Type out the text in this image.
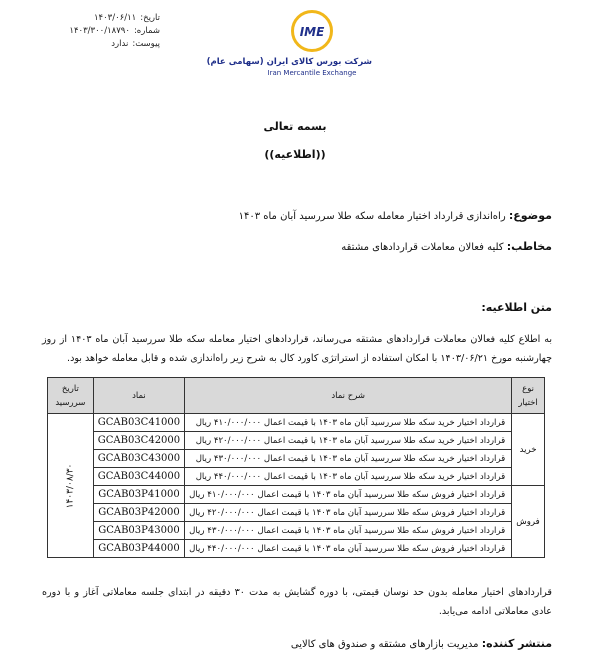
تاریخ:
۱۴۰۳/۰۶/۱۱
شماره:
۱۴۰۳/۳۰۰/۱۸۷۹۰
پیوست:
ندارد
IME
شرکت بورس کالای ایران (سهامی عام)
Iran Mercantile Exchange
بسمه تعالی
((اطلاعیه))
موضوع: راه‌اندازی قرارداد اختیار معامله سکه طلا سررسید آبان ماه ۱۴۰۳
مخاطب: کلیه فعالان معاملات قراردادهای مشتقه
متن اطلاعیه:

به اطلاع کلیه فعالان معاملات قراردادهای مشتقه می‌رساند، قراردادهای اختیار معامله سکه طلا سررسید آبان ماه ۱۴۰۳ از روز چهارشنبه مورخ ۱۴۰۳/۰۶/۲۱ با امکان استفاده از استراتژی کاورد کال به شرح زیر راه‌اندازی شده و قابل معامله خواهد بود.

نوع اختیار	شرح نماد	نماد	تاریخ سررسید
خرید	قرارداد اختیار خرید سکه طلا سررسید آبان ماه ۱۴۰۳ با قیمت اعمال ۴۱۰/۰۰۰/۰۰۰ ریال	GCAB03C41000	۱۴۰۳/۰۸/۳۰
	قرارداد اختیار خرید سکه طلا سررسید آبان ماه ۱۴۰۳ با قیمت اعمال ۴۲۰/۰۰۰/۰۰۰ ریال	GCAB03C42000	
	قرارداد اختیار خرید سکه طلا سررسید آبان ماه ۱۴۰۳ با قیمت اعمال ۴۳۰/۰۰۰/۰۰۰ ریال	GCAB03C43000	
	قرارداد اختیار خرید سکه طلا سررسید آبان ماه ۱۴۰۳ با قیمت اعمال ۴۴۰/۰۰۰/۰۰۰ ریال	GCAB03C44000	
فروش	قرارداد اختیار فروش سکه طلا سررسید آبان ماه ۱۴۰۳ با قیمت اعمال ۴۱۰/۰۰۰/۰۰۰ ریال	GCAB03P41000	
	قرارداد اختیار فروش سکه طلا سررسید آبان ماه ۱۴۰۳ با قیمت اعمال ۴۲۰/۰۰۰/۰۰۰ ریال	GCAB03P42000	
	قرارداد اختیار فروش سکه طلا سررسید آبان ماه ۱۴۰۳ با قیمت اعمال ۴۳۰/۰۰۰/۰۰۰ ریال	GCAB03P43000	
	قرارداد اختیار فروش سکه طلا سررسید آبان ماه ۱۴۰۳ با قیمت اعمال ۴۴۰/۰۰۰/۰۰۰ ریال	GCAB03P44000	

قراردادهای اختیار معامله بدون حد نوسان قیمتی، با دوره گشایش به مدت ۳۰ دقیقه در ابتدای جلسه معاملاتی آغاز و با دوره عادی معاملاتی ادامه می‌یابد.

منتشر کننده: مدیریت بازارهای مشتقه و صندوق های کالایی
